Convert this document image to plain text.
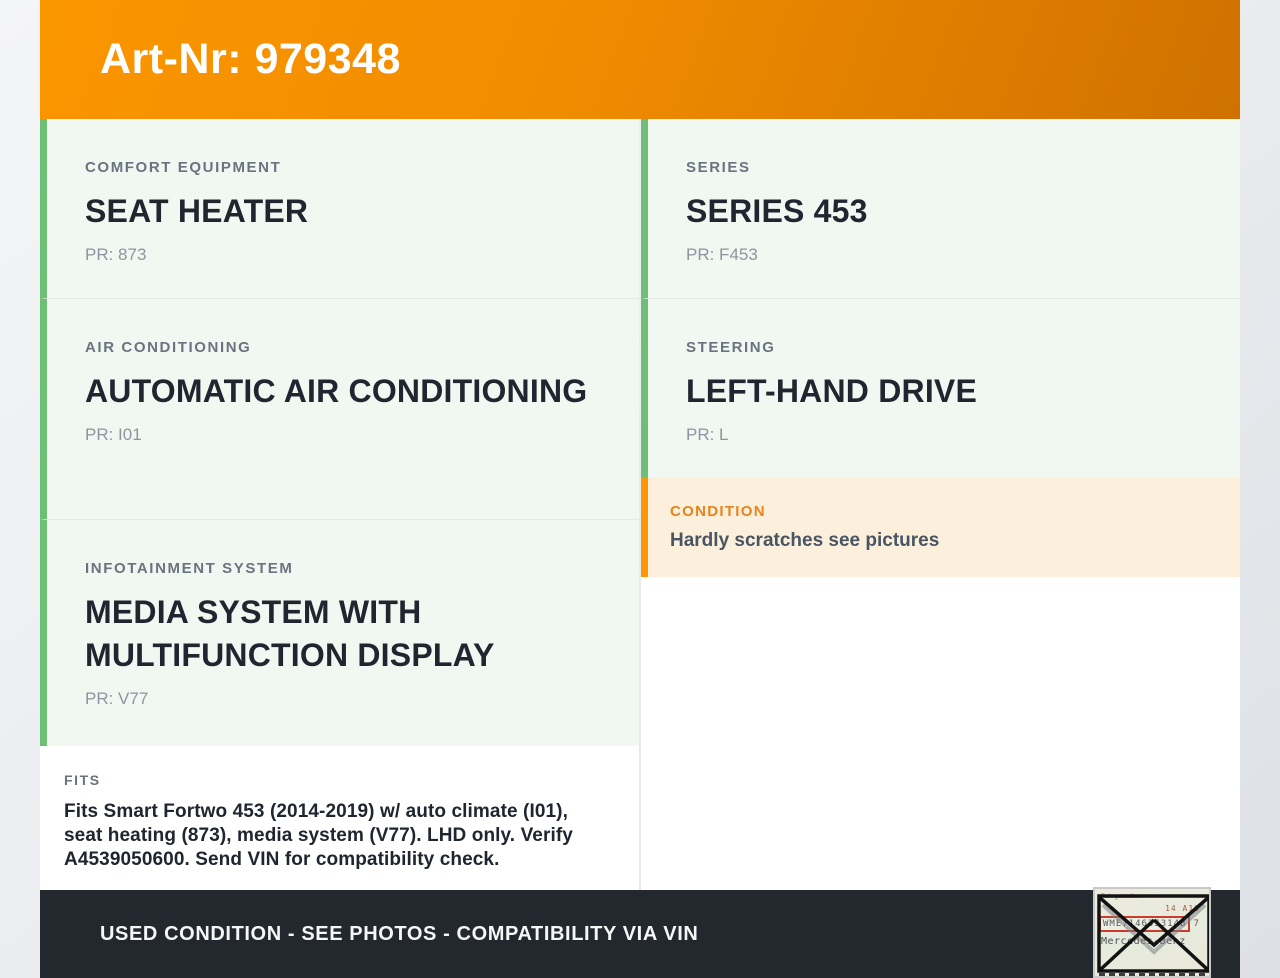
Art-Nr: 979348
COMFORT EQUIPMENT
SEAT HEATER
PR: 873
AIR CONDITIONING
AUTOMATIC AIR CONDITIONING
PR: I01
INFOTAINMENT SYSTEM
MEDIA SYSTEM WITH MULTIFUNCTION DISPLAY
PR: V77
FITS
Fits Smart Fortwo 453 (2014-2019) w/ auto climate (I01), seat heating (873), media system (V77). LHD only. Verify A4539050600. Send VIN for compatibility check.
SERIES
SERIES 453
PR: F453
STEERING
LEFT-HAND DRIVE
PR: L
CONDITION
Hardly scratches see pictures
USED CONDITION - SEE PHOTOS - COMPATIBILITY VIA VIN
Fahrgestellnr.
14 A16
WME71463J314B 7
Mercedes-Benz
